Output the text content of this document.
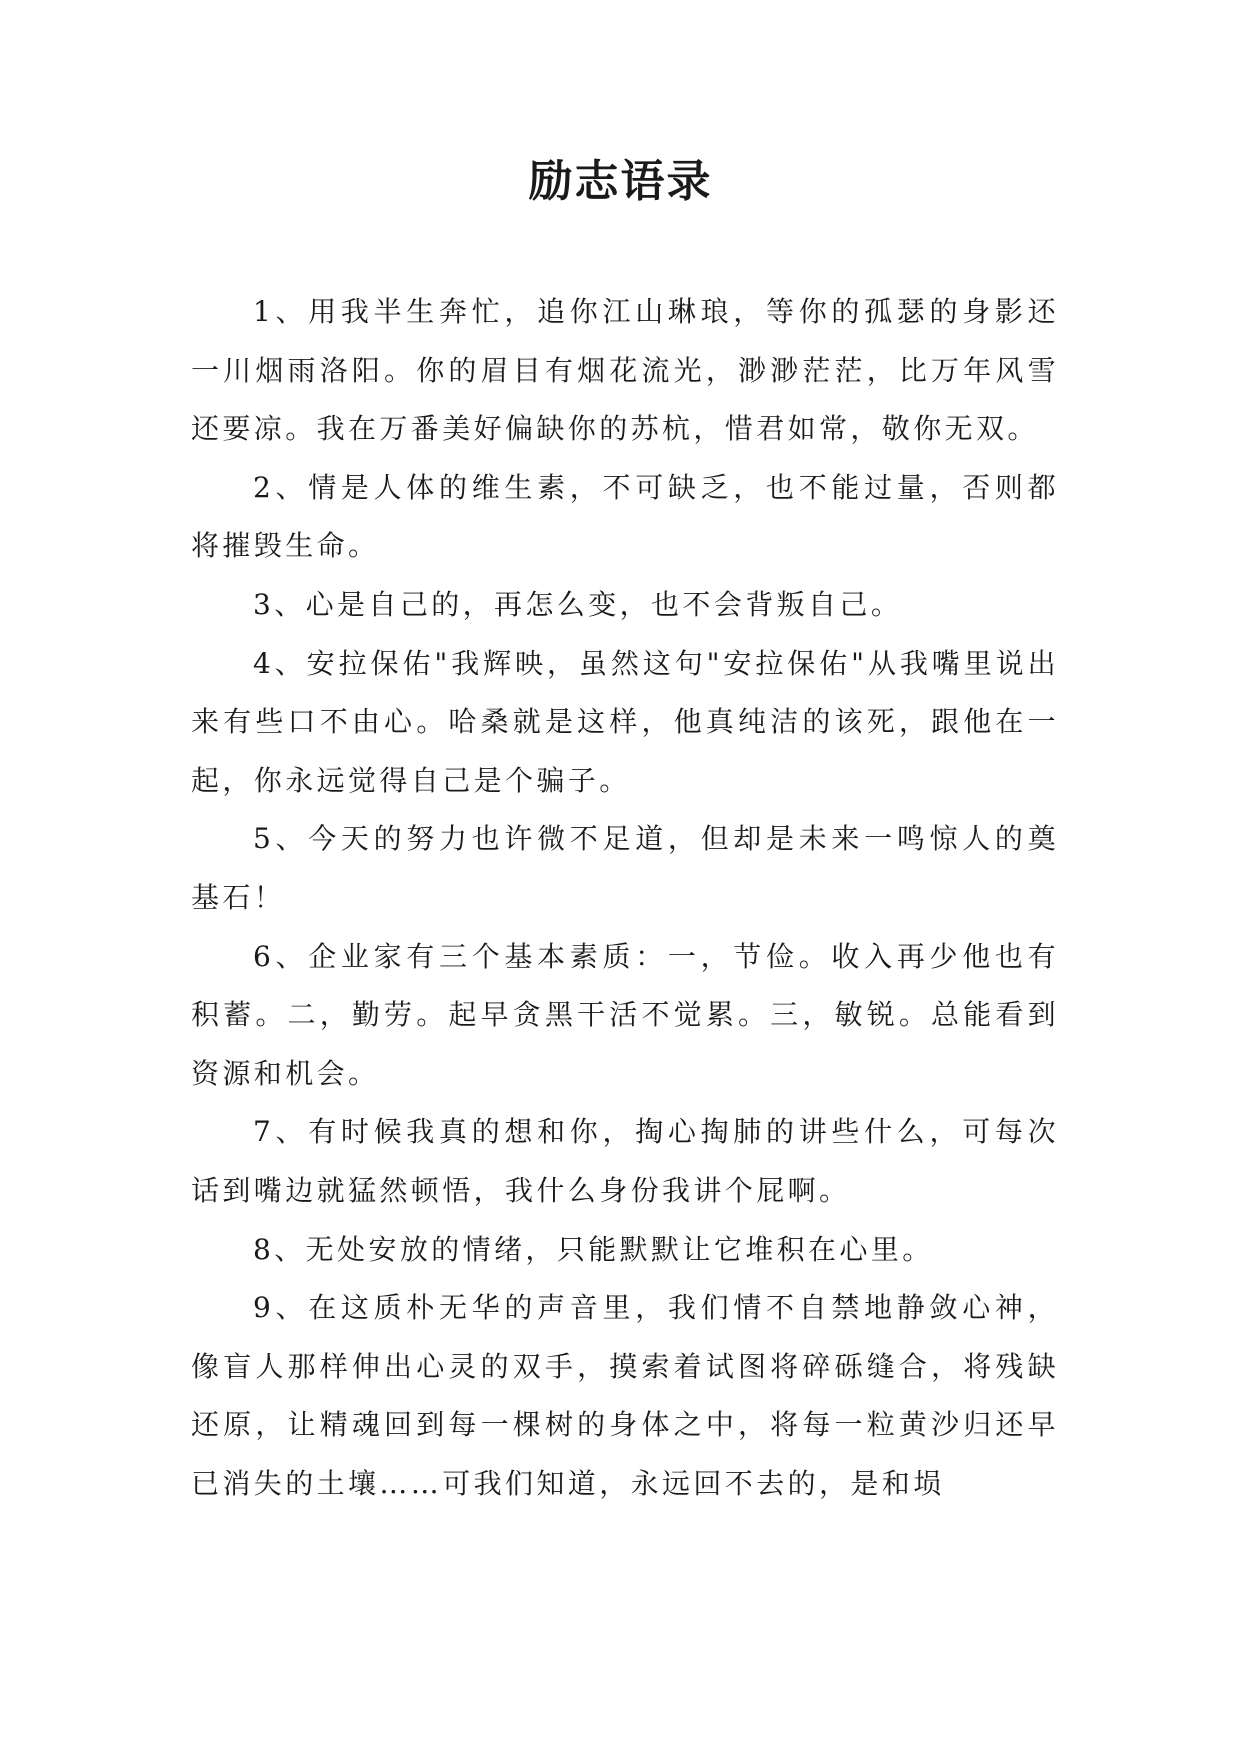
励志语录

1、用我半生奔忙，追你江山琳琅，等你的孤瑟的身影还一川烟雨洛阳。你的眉目有烟花流光，渺渺茫茫，比万年风雪还要凉。我在万番美好偏缺你的苏杭，惜君如常，敬你无双。

2、情是人体的维生素，不可缺乏，也不能过量，否则都将摧毁生命。

3、心是自己的，再怎么变，也不会背叛自己。

4、安拉保佑"我辉映，虽然这句"安拉保佑"从我嘴里说出来有些口不由心。哈桑就是这样，他真纯洁的该死，跟他在一起，你永远觉得自己是个骗子。

5、今天的努力也许微不足道，但却是未来一鸣惊人的奠基石！

6、企业家有三个基本素质：一，节俭。收入再少他也有积蓄。二，勤劳。起早贪黑干活不觉累。三，敏锐。总能看到资源和机会。

7、有时候我真的想和你，掏心掏肺的讲些什么，可每次话到嘴边就猛然顿悟，我什么身份我讲个屁啊。

8、无处安放的情绪，只能默默让它堆积在心里。

9、在这质朴无华的声音里，我们情不自禁地静敛心神，像盲人那样伸出心灵的双手，摸索着试图将碎砾缝合，将残缺还原，让精魂回到每一棵树的身体之中，将每一粒黄沙归还早已消失的土壤……可我们知道，永远回不去的，是和埙
